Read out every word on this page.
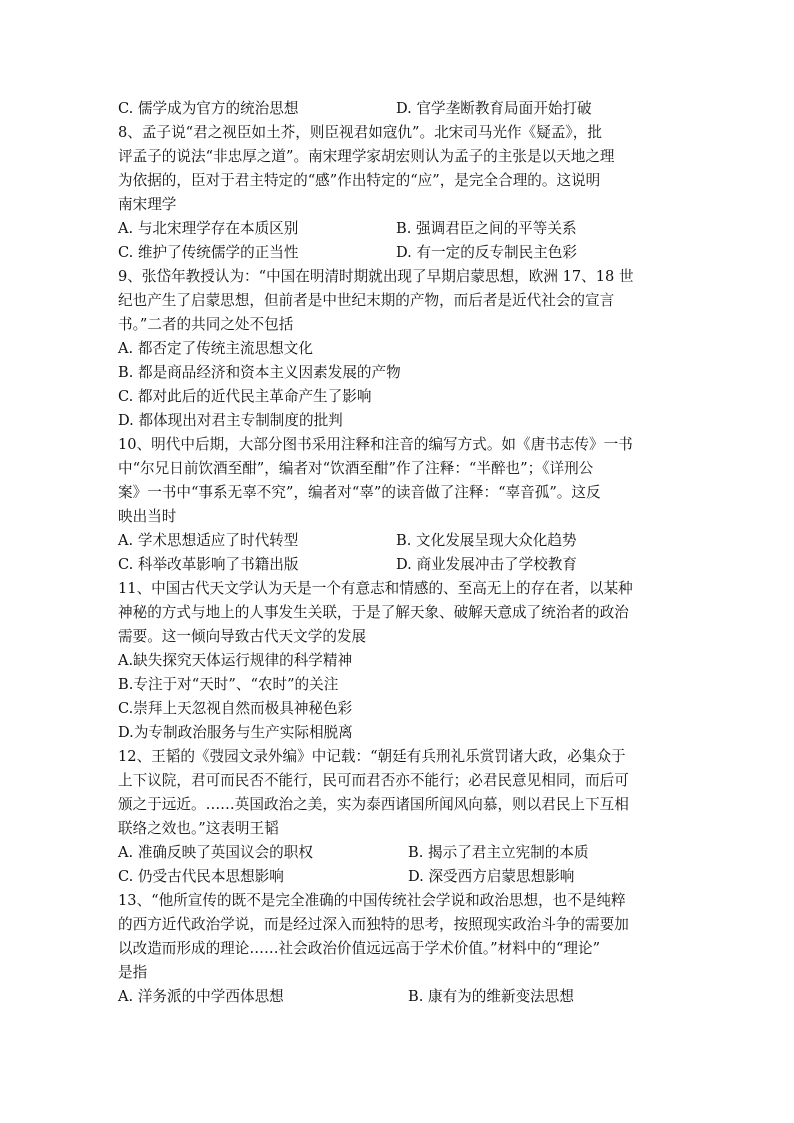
C. 儒学成为官方的统治思想	D. 官学垄断教育局面开始打破
8、孟子说“君之视臣如土芥，则臣视君如寇仇”。北宋司马光作《疑孟》，批
评孟子的说法“非忠厚之道”。南宋理学家胡宏则认为孟子的主张是以天地之理
为依据的，臣对于君主特定的“感”作出特定的“应”，是完全合理的。这说明
南宋理学
A. 与北宋理学存在本质区别	B. 强调君臣之间的平等关系
C. 维护了传统儒学的正当性	D. 有一定的反专制民主色彩
9、张岱年教授认为：“中国在明清时期就出现了早期启蒙思想，欧洲 17、18 世
纪也产生了启蒙思想，但前者是中世纪末期的产物，而后者是近代社会的宣言
书。”二者的共同之处不包括
A. 都否定了传统主流思想文化
B. 都是商品经济和资本主义因素发展的产物
C. 都对此后的近代民主革命产生了影响
D. 都体现出对君主专制制度的批判
10、明代中后期，大部分图书采用注释和注音的编写方式。如《唐书志传》一书
中“尔兄日前饮酒至酣”，编者对“饮酒至酣”作了注释：“半醉也”；《详刑公
案》一书中“事系无辜不究”，编者对“辜”的读音做了注释：“辜音孤”。这反
映出当时
A. 学术思想适应了时代转型	B. 文化发展呈现大众化趋势
C. 科举改革影响了书籍出版	D. 商业发展冲击了学校教育
11、中国古代天文学认为天是一个有意志和情感的、至高无上的存在者，以某种
神秘的方式与地上的人事发生关联，于是了解天象、破解天意成了统治者的政治
需要。这一倾向导致古代天文学的发展
A.缺失探究天体运行规律的科学精神
B.专注于对“天时”、“农时”的关注
C.崇拜上天忽视自然而极具神秘色彩
D.为专制政治服务与生产实际相脱离
12、王韬的《弢园文录外编》中记载：“朝廷有兵刑礼乐赏罚诸大政，必集众于
上下议院，君可而民否不能行，民可而君否亦不能行；必君民意见相同，而后可
颁之于远近。……英国政治之美，实为泰西诸国所闻风向慕，则以君民上下互相
联络之效也。”这表明王韬
A. 准确反映了英国议会的职权	B. 揭示了君主立宪制的本质
C. 仍受古代民本思想影响	D. 深受西方启蒙思想影响
13、“他所宣传的既不是完全准确的中国传统社会学说和政治思想，也不是纯粹
的西方近代政治学说，而是经过深入而独特的思考，按照现实政治斗争的需要加
以改造而形成的理论……社会政治价值远远高于学术价值。”材料中的“理论”
是指
A. 洋务派的中学西体思想	B. 康有为的维新变法思想
